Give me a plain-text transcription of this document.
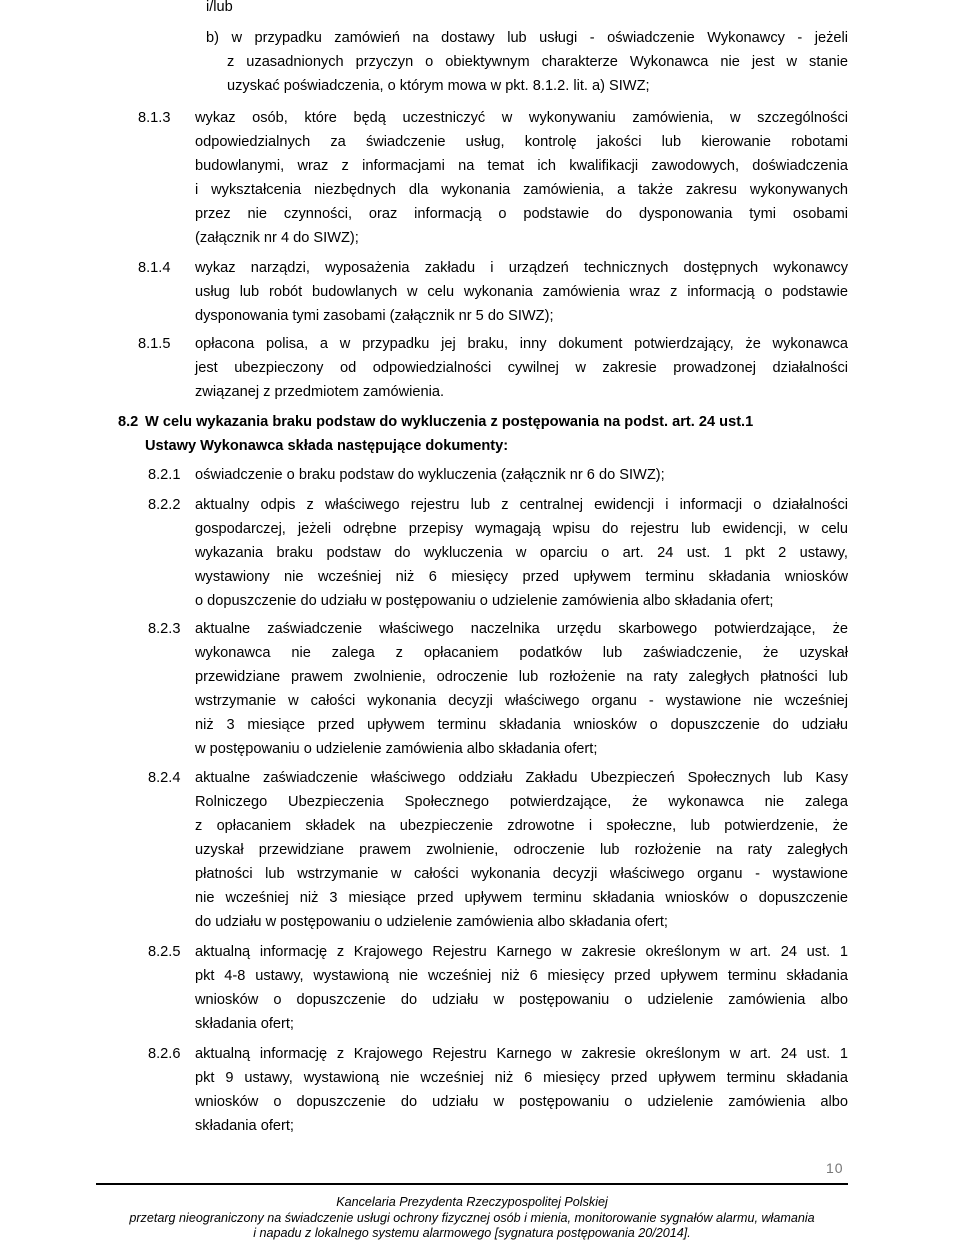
i/lub
b) w przypadku zamówień na dostawy lub usługi - oświadczenie Wykonawcy - jeżeli
z uzasadnionych przyczyn o obiektywnym charakterze Wykonawca nie jest w stanie
uzyskać poświadczenia, o którym mowa w pkt. 8.1.2. lit. a) SIWZ;
8.1.3 wykaz osób, które będą uczestniczyć w wykonywaniu zamówienia, w szczególności
odpowiedzialnych za świadczenie usług, kontrolę jakości lub kierowanie robotami
budowlanymi, wraz z informacjami na temat ich kwalifikacji zawodowych, doświadczenia
i wykształcenia niezbędnych dla wykonania zamówienia, a także zakresu wykonywanych
przez nie czynności, oraz informacją o podstawie do dysponowania tymi osobami
(załącznik nr 4 do SIWZ);
8.1.4 wykaz narządzi, wyposażenia zakładu i urządzeń technicznych dostępnych wykonawcy
usług lub robót budowlanych w celu wykonania zamówienia wraz z informacją o podstawie
dysponowania tymi zasobami (załącznik nr 5 do SIWZ);
8.1.5 opłacona polisa, a w przypadku jej braku, inny dokument potwierdzający, że wykonawca
jest ubezpieczony od odpowiedzialności cywilnej w zakresie prowadzonej działalności
związanej z przedmiotem zamówienia.
8.2 W celu wykazania braku podstaw do wykluczenia z postępowania na podst. art. 24 ust.1
Ustawy Wykonawca składa następujące dokumenty:
8.2.1 oświadczenie o braku podstaw do wykluczenia (załącznik nr 6 do SIWZ);
8.2.2 aktualny odpis z właściwego rejestru lub z centralnej ewidencji i informacji o działalności
gospodarczej, jeżeli odrębne przepisy wymagają wpisu do rejestru lub ewidencji, w celu
wykazania braku podstaw do wykluczenia w oparciu o art. 24 ust. 1 pkt 2 ustawy,
wystawiony nie wcześniej niż 6 miesięcy przed upływem terminu składania wniosków
o dopuszczenie do udziału w postępowaniu o udzielenie zamówienia albo składania ofert;
8.2.3 aktualne zaświadczenie właściwego naczelnika urzędu skarbowego potwierdzające, że
wykonawca nie zalega z opłacaniem podatków lub zaświadczenie, że uzyskał
przewidziane prawem zwolnienie, odroczenie lub rozłożenie na raty zaległych płatności lub
wstrzymanie w całości wykonania decyzji właściwego organu - wystawione nie wcześniej
niż 3 miesiące przed upływem terminu składania wniosków o dopuszczenie do udziału
w postępowaniu o udzielenie zamówienia albo składania ofert;
8.2.4 aktualne zaświadczenie właściwego oddziału Zakładu Ubezpieczeń Społecznych lub Kasy
Rolniczego Ubezpieczenia Społecznego potwierdzające, że wykonawca nie zalega
z opłacaniem składek na ubezpieczenie zdrowotne i społeczne, lub potwierdzenie, że
uzyskał przewidziane prawem zwolnienie, odroczenie lub rozłożenie na raty zaległych
płatności lub wstrzymanie w całości wykonania decyzji właściwego organu - wystawione
nie wcześniej niż 3 miesiące przed upływem terminu składania wniosków o dopuszczenie
do udziału w postępowaniu o udzielenie zamówienia albo składania ofert;
8.2.5 aktualną informację z Krajowego Rejestru Karnego w zakresie określonym w art. 24 ust. 1
pkt 4-8 ustawy, wystawioną nie wcześniej niż 6 miesięcy przed upływem terminu składania
wniosków o dopuszczenie do udziału w postępowaniu o udzielenie zamówienia albo
składania ofert;
8.2.6 aktualną informację z Krajowego Rejestru Karnego w zakresie określonym w art. 24 ust. 1
pkt 9 ustawy, wystawioną nie wcześniej niż 6 miesięcy przed upływem terminu składania
wniosków o dopuszczenie do udziału w postępowaniu o udzielenie zamówienia albo
składania ofert;
10
Kancelaria Prezydenta Rzeczypospolitej Polskiej
przetarg nieograniczony na świadczenie usługi ochrony fizycznej osób i mienia, monitorowanie sygnałów alarmu, włamania
i napadu z lokalnego systemu alarmowego [sygnatura postępowania 20/2014].
